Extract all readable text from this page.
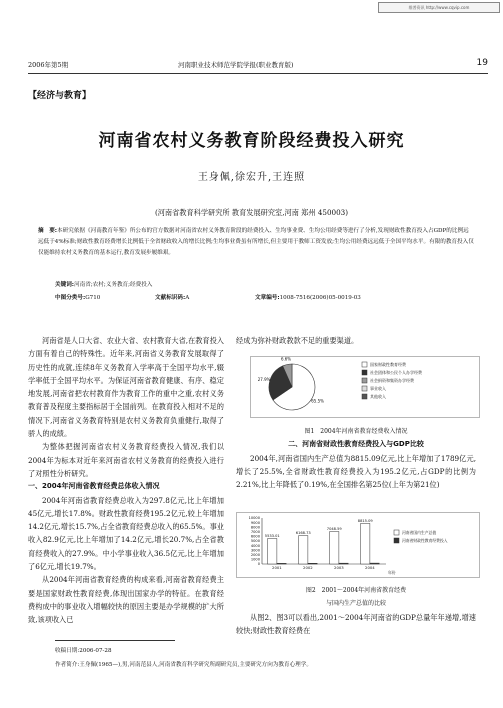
维普资讯 http://www.cqvip.com
2006年第5期	河南职业技术师范学院学报(职业教育版)	19
【经济与教育】
河南省农村义务教育阶段经费投入研究
王身佩,徐宏升,王连照
(河南省教育科学研究所 教育发展研究室,河南 郑州 450003)
摘　要:本研究依据《河南教育年鉴》所公布的官方数据对河南省农村义务教育阶段的经费投入、生均事业费、生均公用经费等进行了分析,发现财政性教育投入占GDP的比例远远低于4%标准;财政性教育经费增长比例低于全省财政收入的增长比例;生均事业费虽有所增长,但主要用于教师工资发放;生均公用经费远远低于全国平均水平。有限的教育投入仅仅能维持农村义务教育的基本运行,教育发展步履维艰。
关键词:河南省;农村;义务教育;经费投入
中图分类号:G710	文献标识码:A	文章编号:1008-7516(2006)05-0019-03

河南省是人口大省、农业大省、农村教育大省,在教育投入方面有着自己的特殊性。近年来,河南省义务教育发展取得了历史性的成就,连续8年义务教育入学率高于全国平均水平,辍学率低于全国平均水平。为保证河南省教育健康、有序、稳定地发展,河南省把农村教育作为教育工作的重中之重,农村义务教育普及程度主要指标居于全国前列。在教育投入相对不足的情况下,河南省义务教育特别是农村义务教育负重健行,取得了骄人的成绩。

为整体把握河南省农村义务教育经费投入情况,我们以2004年为标本对近年来河南省农村义务教育的经费投入进行了对照性分析研究。

一、2004年河南省教育经费总体收入情况

2004年河南省教育经费总收入为297.8亿元,比上年增加45亿元,增长17.8%。财政性教育经费195.2亿元,较上年增加14.2亿元,增长15.7%,占全省教育经费总收入的65.5%。事业收入82.9亿元,比上年增加了14.2亿元,增长20.7%,占全省教育经费收入的27.9%。中小学事业收入36.5亿元,比上年增加了6亿元,增长19.7%。

从2004年河南省教育经费的构成来看,河南省教育经费主要是国家财政性教育经费,体现出国家办学的特征。在教育经费构成中的事业收入增幅较快的原因主要是办学规模的扩大所致,该项收入已

经成为弥补财政教款不足的重要渠道。

65.5%
27.9%
6.6%
国家财政性教育经费
社会团体和公民个人办学经费
社会捐资和集资办学经费
事业收入
其他收入

图1　2004年河南省教育经费收入情况

二、河南省财政性教育经费投入与GDP比较

2004年,河南省国内生产总值为8815.09亿元,比上年增加了1789亿元,增长了25.5%,全省财政性教育经费投入为195.2亿元,占GDP的比例为2.21%,比上年降低了0.19%,在全国排名第25位(上年为第21位)

10000
9000
8000
7000
6000
5000
4000
3000
2000
1000
0
2001	2002	2003	2004
年份
5533.01
6168.73
7048.59
8815.09
河南省国内生产总值
河南省财政性教育经费投入

图2　2001～2004年河南省教育经费

与国内生产总值的比较

从图2、图3可以看出,2001～2004年河南省的GDP总量年年递增,增速较快;财政性教育经费在

收稿日期:2006-07-28
作者简介:王身佩(1965—),男,河南范县人,河南省教育科学研究所副研究员,主要研究方向为教育心理学。
